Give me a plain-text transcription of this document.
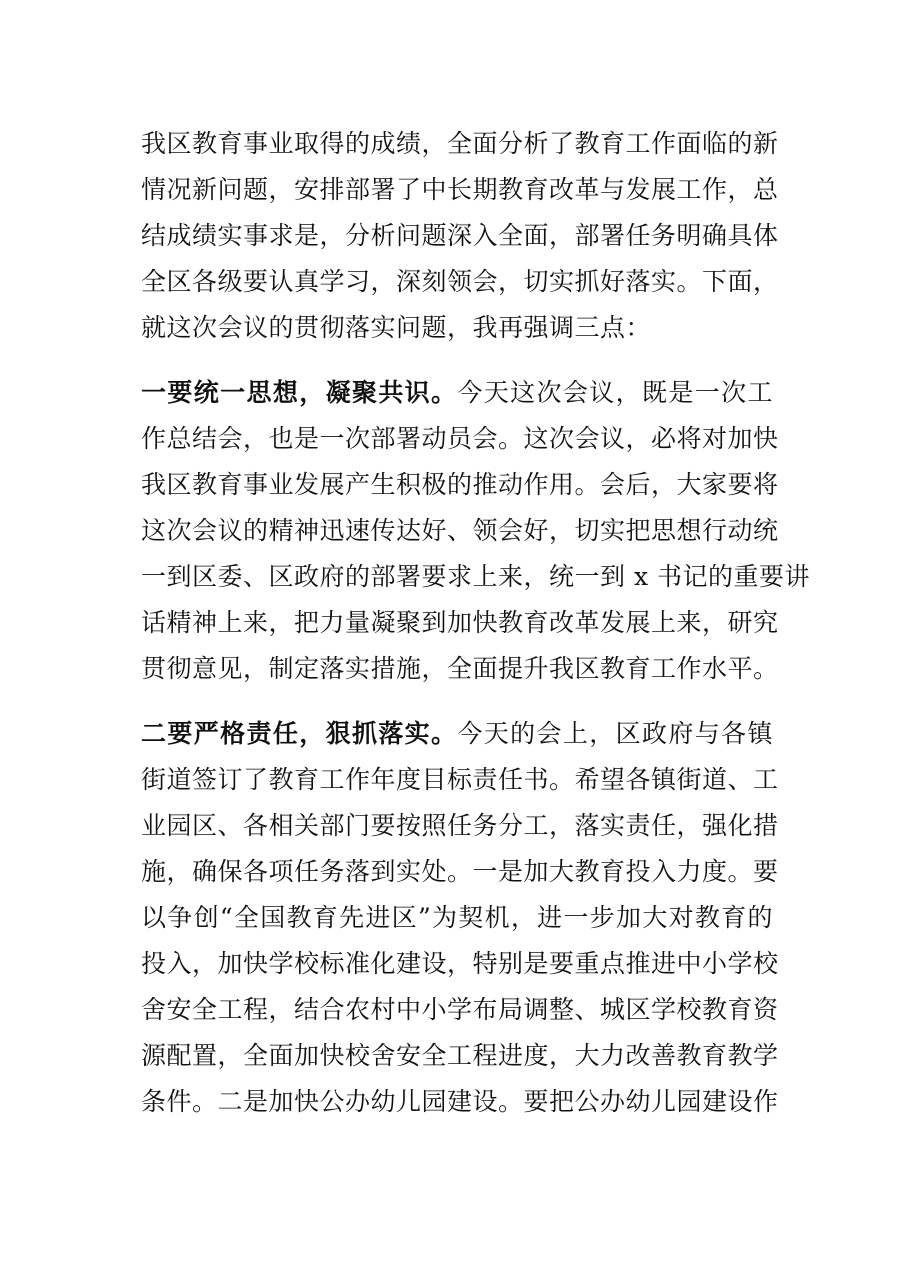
我区教育事业取得的成绩，全面分析了教育工作面临的新
情况新问题，安排部署了中长期教育改革与发展工作，总
结成绩实事求是，分析问题深入全面，部署任务明确具体
全区各级要认真学习，深刻领会，切实抓好落实。下面，
就这次会议的贯彻落实问题，我再强调三点：
一要统一思想，凝聚共识。今天这次会议，既是一次工
作总结会，也是一次部署动员会。这次会议，必将对加快
我区教育事业发展产生积极的推动作用。会后，大家要将
这次会议的精神迅速传达好、领会好，切实把思想行动统
一到区委、区政府的部署要求上来，统一到 x 书记的重要讲
话精神上来，把力量凝聚到加快教育改革发展上来，研究
贯彻意见，制定落实措施，全面提升我区教育工作水平。
二要严格责任，狠抓落实。今天的会上，区政府与各镇
街道签订了教育工作年度目标责任书。希望各镇街道、工
业园区、各相关部门要按照任务分工，落实责任，强化措
施，确保各项任务落到实处。一是加大教育投入力度。要
以争创“全国教育先进区”为契机，进一步加大对教育的
投入，加快学校标准化建设，特别是要重点推进中小学校
舍安全工程，结合农村中小学布局调整、城区学校教育资
源配置，全面加快校舍安全工程进度，大力改善教育教学
条件。二是加快公办幼儿园建设。要把公办幼儿园建设作
